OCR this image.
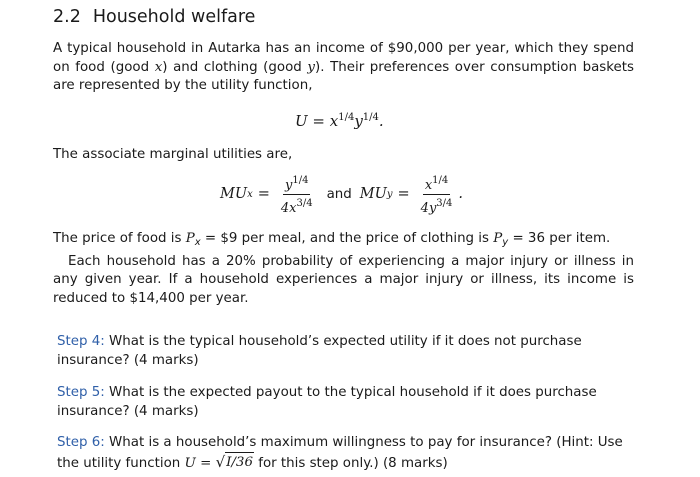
2.2 Household welfare
A typical household in Autarka has an income of $90,000 per year, which they spend on food (good x) and clothing (good y). Their preferences over consumption baskets are represented by the utility function,
$U = x^{1/4}y^{1/4}$.
The associate marginal utilities are,
MU $x = \frac{y^{1/4}}{4x^{3/4}}$ and MU $y = \frac{x^{1/4}}{4y^{3/4}}$ .
The price of food is $P_x$ = $9 per meal, and the price of clothing is $P_y = 36$ per item.
Each household has a 20% probability of experiencing a major injury or illness in any given year. If a household experiences a major injury or illness, its income is reduced to $14,400 per year.
Step 4: What is the typical household’s expected utility if it does not purchase insurance? (4 marks)
Step 5: What is the expected payout to the typical household if it does purchase insurance? (4 marks)
Step 6: What is a household’s maximum willingness to pay for insurance? (Hint: Use the utility function U = √ I/36 for this step only.) (8 marks)
